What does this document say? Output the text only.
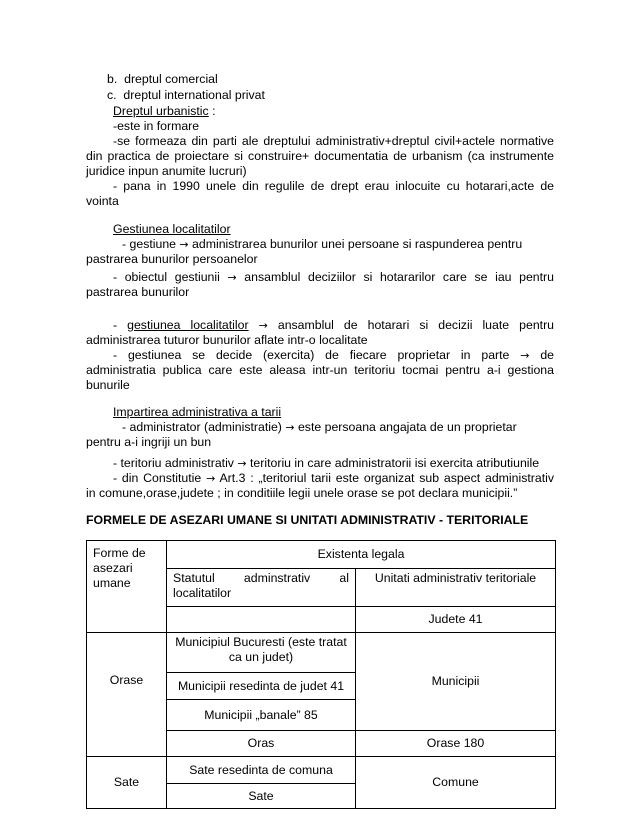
b. dreptul comercial
c. dreptul international privat
Dreptul urbanistic :
-este in formare
-se formeaza din parti ale dreptului administrativ+dreptul civil+actele normative
din practica de proiectare si construire+ documentatia de urbanism (ca instrumente
juridice inpun anumite lucruri)
- pana in 1990 unele din regulile de drept erau inlocuite cu hotarari,acte de
vointa
Gestiunea localitatilor
- gestiune → administrarea bunurilor unei persoane si raspunderea pentru
pastrarea bunurilor persoanelor
- obiectul gestiunii → ansamblul deciziilor si hotararilor care se iau pentru
pastrarea bunurilor
- gestiunea localitatilor → ansamblul de hotarari si decizii luate pentru
administrarea tuturor bunurilor aflate intr-o localitate
- gestiunea se decide (exercita) de fiecare proprietar in parte → de
administratia publica care este aleasa intr-un teritoriu tocmai pentru a-i gestiona
bunurile
Impartirea administrativa a tarii
- administrator (administratie) → este persoana angajata de un proprietar
pentru a-i ingriji un bun
- teritoriu administrativ → teritoriu in care administratorii isi exercita atributiunile
- din Constitutie → Art.3 : „teritoriul tarii este organizat sub aspect administrativ
in comune,orase,judete ; in conditiile legii unele orase se pot declara municipii.”
FORMELE DE ASEZARI UMANE SI UNITATI ADMINISTRATIV - TERITORIALE
Forme de asezari umane	Existenta legala	
	Statutul adminstrativ al localitatilor	Unitati administrativ teritoriale
		Judete 41
Orase	Municipiul Bucuresti (este tratat ca un judet)	Municipii
	Municipii resedinta de judet 41	
	Municipii „banale” 85	
	Oras	Orase 180
Sate	Sate resedinta de comuna	Comune
	Sate	
